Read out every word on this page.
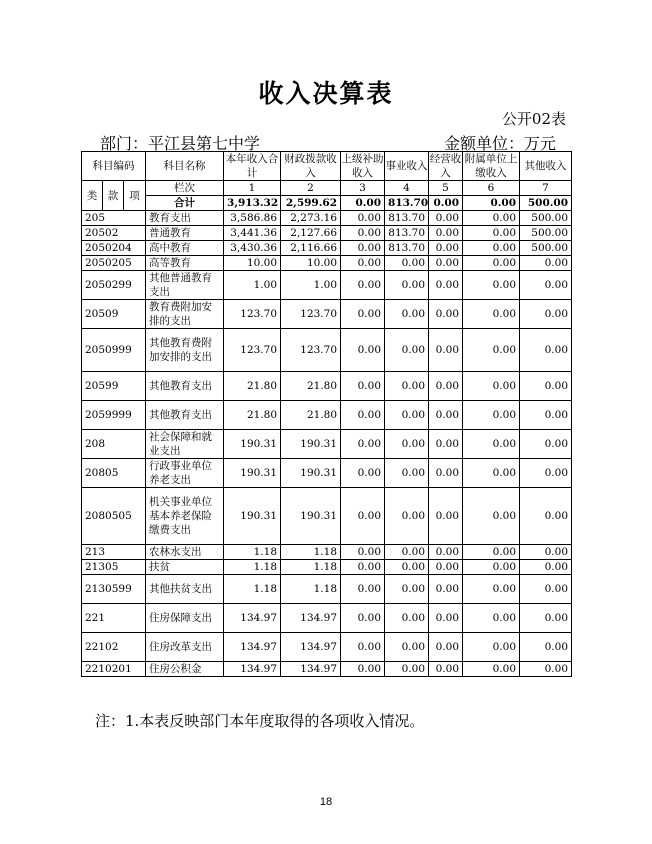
收入决算表
公开02表
部门：平江县第七中学	金额单位：万元
科目编码			科目名称	本年收入合计	财政拨款收入	上级补助收入	事业收入	经营收入	附属单位上缴收入	其他收入

类	款	项	栏次	1	2	3	4	5	6	7
			合计	3,913.32	2,599.62	0.00	813.70	0.00	0.00	500.00
205			教育支出	3,586.86	2,273.16	0.00	813.70	0.00	0.00	500.00
20502			普通教育	3,441.36	2,127.66	0.00	813.70	0.00	0.00	500.00
2050204			高中教育	3,430.36	2,116.66	0.00	813.70	0.00	0.00	500.00
2050205			高等教育	10.00	10.00	0.00	0.00	0.00	0.00	0.00
2050299			其他普通教育支出	1.00	1.00	0.00	0.00	0.00	0.00	0.00
20509			教育费附加安排的支出	123.70	123.70	0.00	0.00	0.00	0.00	0.00
2050999			其他教育费附加安排的支出	123.70	123.70	0.00	0.00	0.00	0.00	0.00
20599			其他教育支出	21.80	21.80	0.00	0.00	0.00	0.00	0.00
2059999			其他教育支出	21.80	21.80	0.00	0.00	0.00	0.00	0.00
208			社会保障和就业支出	190.31	190.31	0.00	0.00	0.00	0.00	0.00
20805			行政事业单位养老支出	190.31	190.31	0.00	0.00	0.00	0.00	0.00
2080505			机关事业单位基本养老保险缴费支出	190.31	190.31	0.00	0.00	0.00	0.00	0.00
213			农林水支出	1.18	1.18	0.00	0.00	0.00	0.00	0.00
21305			扶贫	1.18	1.18	0.00	0.00	0.00	0.00	0.00
2130599			其他扶贫支出	1.18	1.18	0.00	0.00	0.00	0.00	0.00
221			住房保障支出	134.97	134.97	0.00	0.00	0.00	0.00	0.00
22102			住房改革支出	134.97	134.97	0.00	0.00	0.00	0.00	0.00
2210201			住房公积金	134.97	134.97	0.00	0.00	0.00	0.00	0.00
注：1.本表反映部门本年度取得的各项收入情况。
18
